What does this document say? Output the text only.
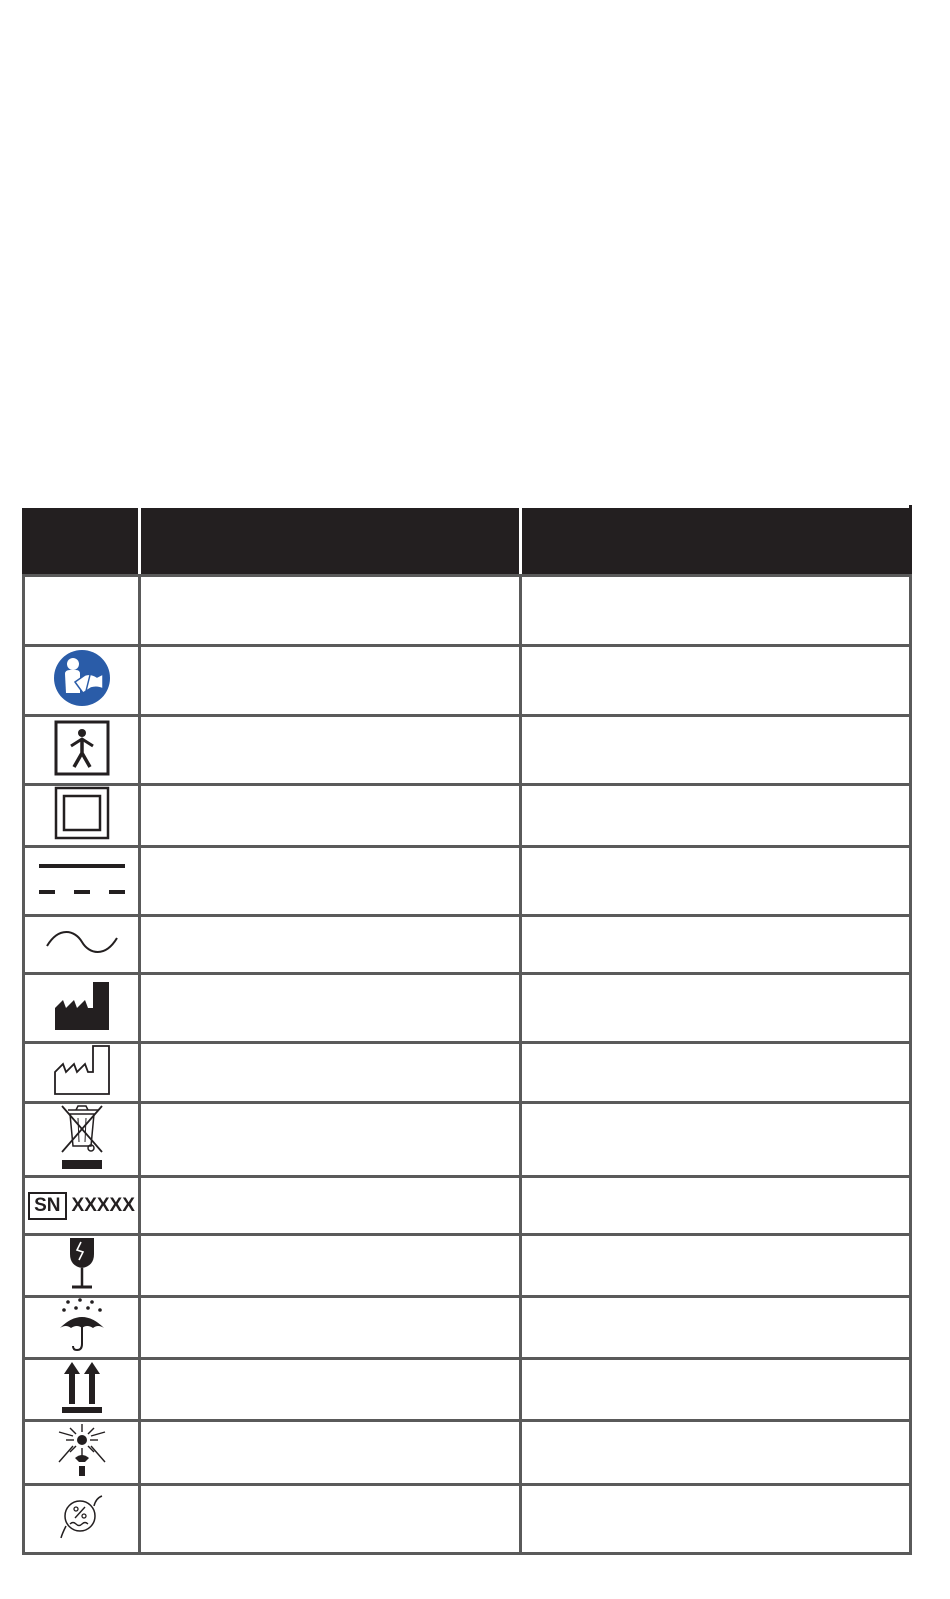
SN XXXXX		
